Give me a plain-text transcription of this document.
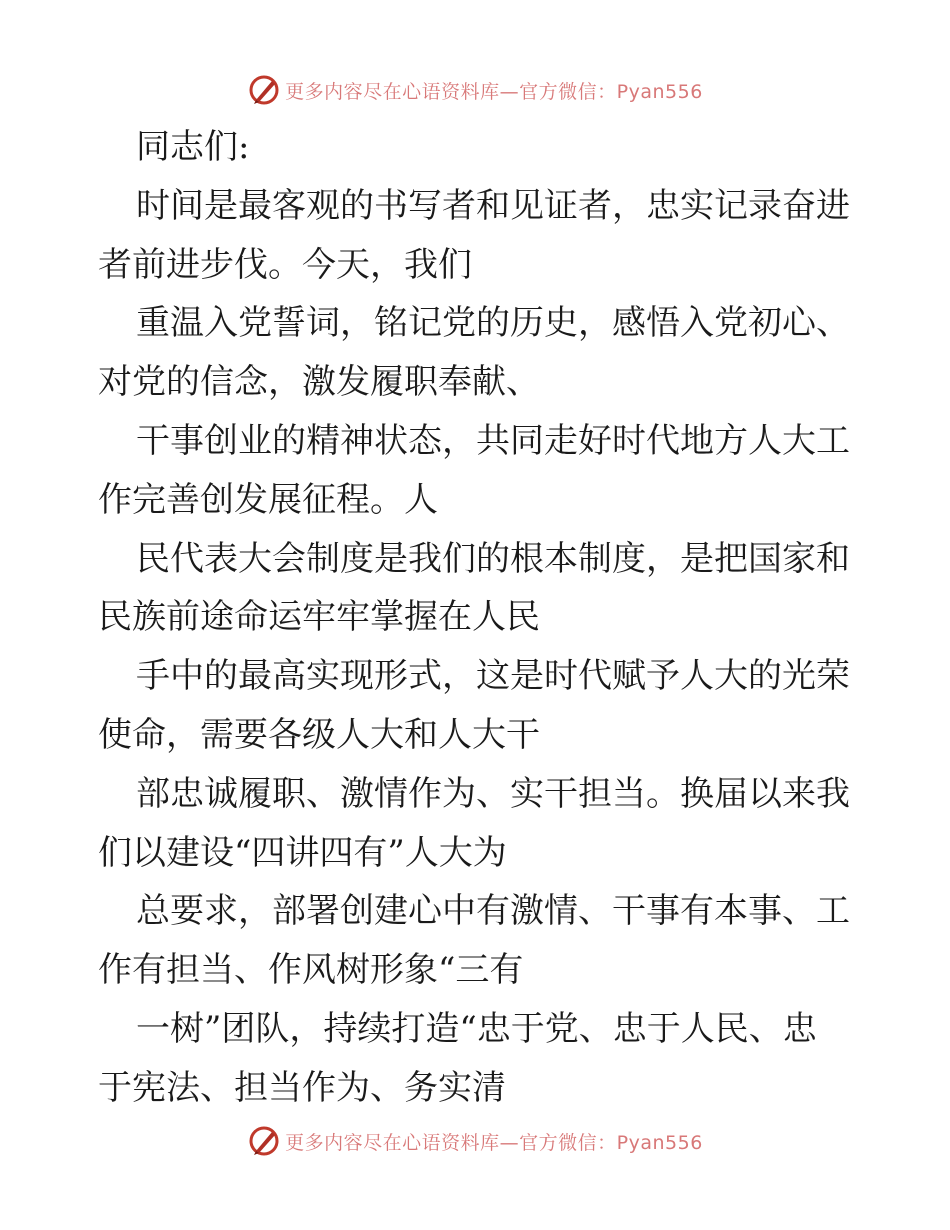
更多内容尽在心语资料库—官方微信：Pyan556
同志们:
时间是最客观的书写者和见证者，忠实记录奋进
者前进步伐。今天，我们
重温入党誓词，铭记党的历史，感悟入党初心、
对党的信念，激发履职奉献、
干事创业的精神状态，共同走好时代地方人大工
作完善创发展征程。人
民代表大会制度是我们的根本制度，是把国家和
民族前途命运牢牢掌握在人民
手中的最高实现形式，这是时代赋予人大的光荣
使命，需要各级人大和人大干
部忠诚履职、激情作为、实干担当。换届以来我
们以建设“四讲四有”人大为
总要求，部署创建心中有激情、干事有本事、工
作有担当、作风树形象“三有
一树”团队，持续打造“忠于党、忠于人民、忠
于宪法、担当作为、务实清
更多内容尽在心语资料库—官方微信：Pyan556
